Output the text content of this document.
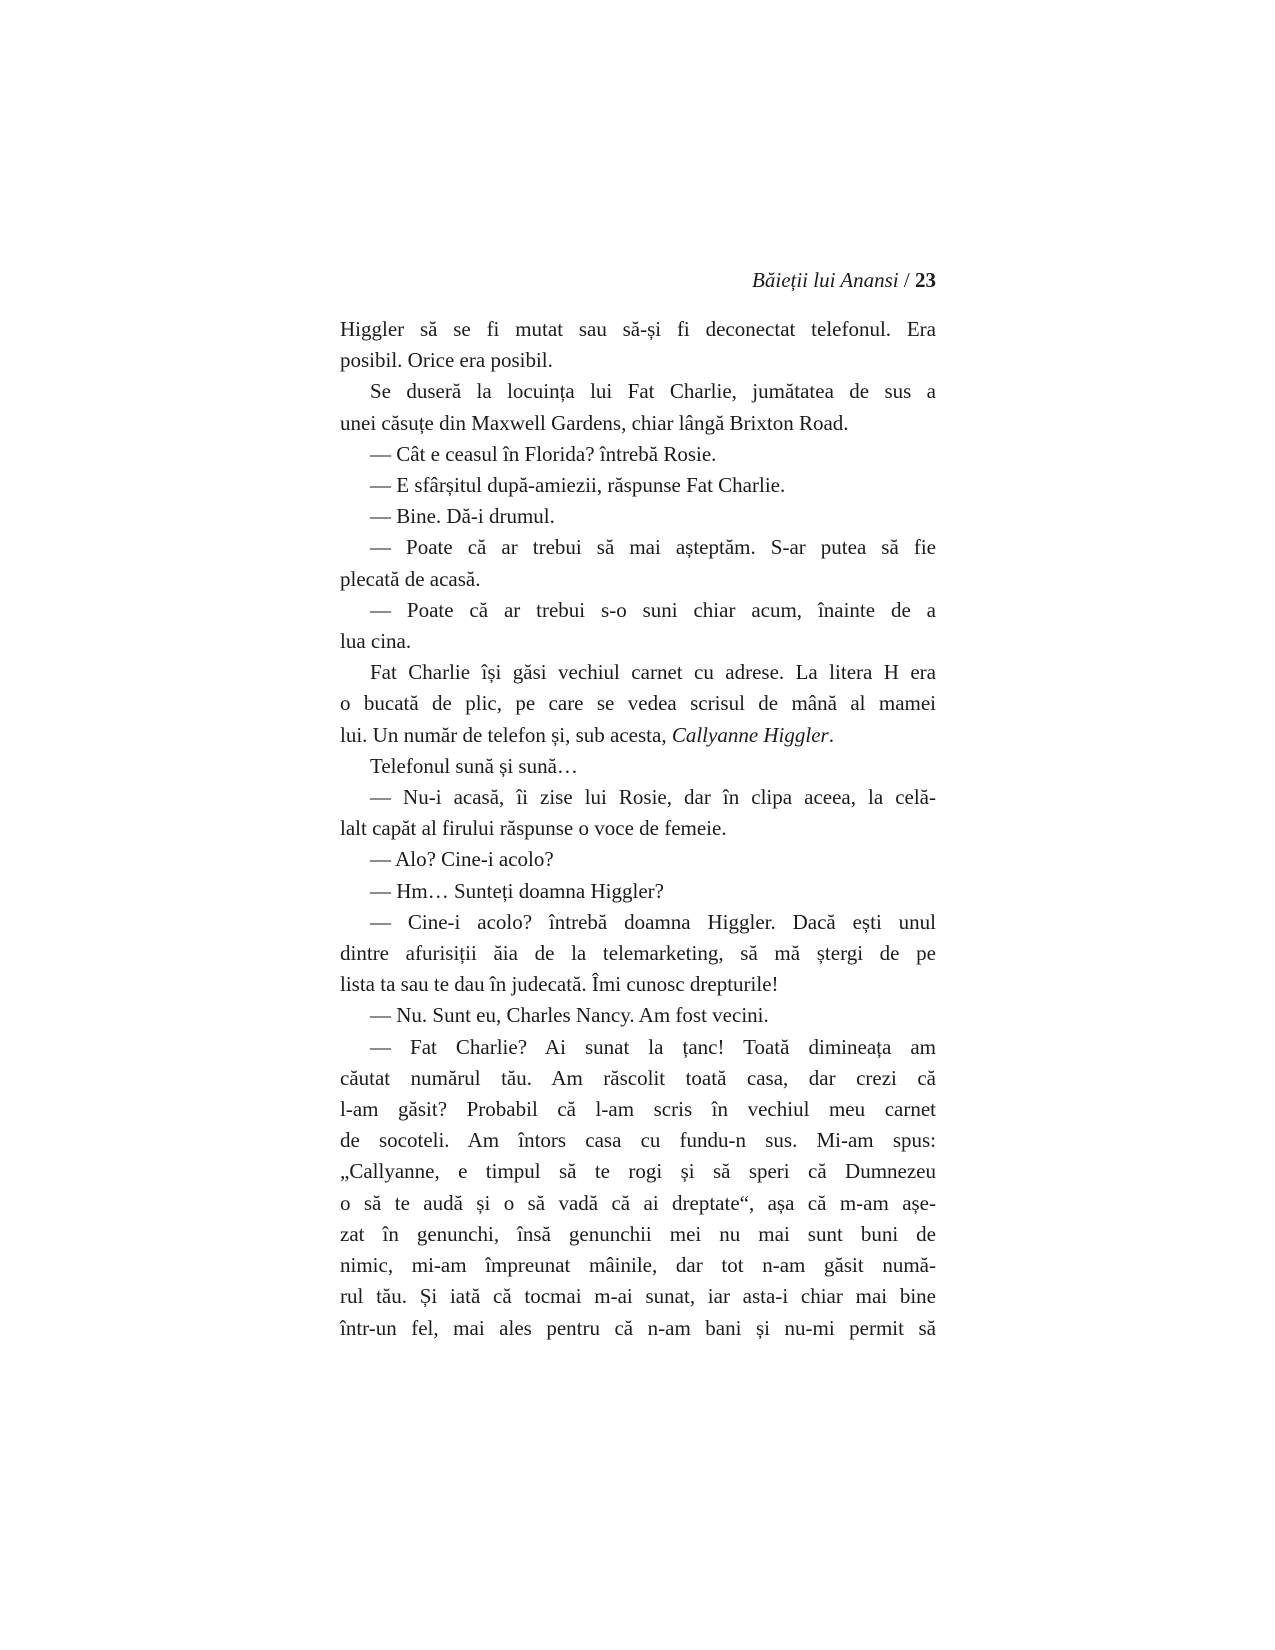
Băieții lui Anansi / 23
Higgler să se fi mutat sau să-și fi deconectat telefonul. Era
posibil. Orice era posibil.
Se duseră la locuința lui Fat Charlie, jumătatea de sus a
unei căsuțe din Maxwell Gardens, chiar lângă Brixton Road.
— Cât e ceasul în Florida? întrebă Rosie.
— E sfârșitul după-amiezii, răspunse Fat Charlie.
— Bine. Dă-i drumul.
— Poate că ar trebui să mai așteptăm. S-ar putea să fie
plecată de acasă.
— Poate că ar trebui s-o suni chiar acum, înainte de a
lua cina.
Fat Charlie își găsi vechiul carnet cu adrese. La litera H era
o bucată de plic, pe care se vedea scrisul de mână al mamei
lui. Un număr de telefon și, sub acesta, Callyanne Higgler.
Telefonul sună și sună…
— Nu-i acasă, îi zise lui Rosie, dar în clipa aceea, la celă-
lalt capăt al firului răspunse o voce de femeie.
— Alo? Cine-i acolo?
— Hm… Sunteți doamna Higgler?
— Cine-i acolo? întrebă doamna Higgler. Dacă ești unul
dintre afurisiții ăia de la telemarketing, să mă ștergi de pe
lista ta sau te dau în judecată. Îmi cunosc drepturile!
— Nu. Sunt eu, Charles Nancy. Am fost vecini.
— Fat Charlie? Ai sunat la țanc! Toată dimineața am
căutat numărul tău. Am răscolit toată casa, dar crezi că
l-am găsit? Probabil că l-am scris în vechiul meu carnet
de socoteli. Am întors casa cu fundu-n sus. Mi-am spus:
„Callyanne, e timpul să te rogi și să speri că Dumnezeu
o să te audă și o să vadă că ai dreptate“, așa că m-am așe-
zat în genunchi, însă genunchii mei nu mai sunt buni de
nimic, mi-am împreunat mâinile, dar tot n-am găsit numă-
rul tău. Și iată că tocmai m-ai sunat, iar asta-i chiar mai bine
într-un fel, mai ales pentru că n-am bani și nu-mi permit să
